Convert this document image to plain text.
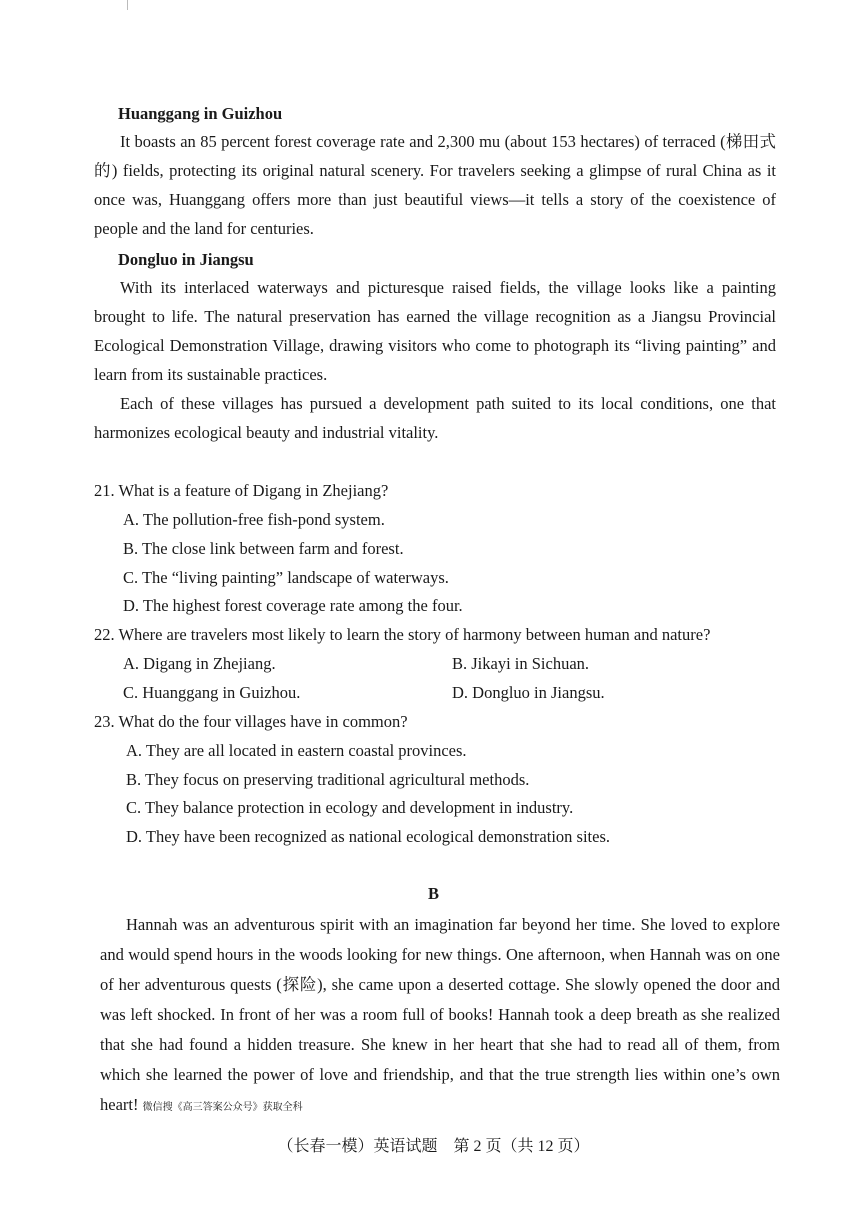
Huanggang in Guizhou
It boasts an 85 percent forest coverage rate and 2,300 mu (about 153 hectares) of terraced (梯田式的) fields, protecting its original natural scenery. For travelers seeking a glimpse of rural China as it once was, Huanggang offers more than just beautiful views—it tells a story of the coexistence of people and the land for centuries.
Dongluo in Jiangsu
With its interlaced waterways and picturesque raised fields, the village looks like a painting brought to life. The natural preservation has earned the village recognition as a Jiangsu Provincial Ecological Demonstration Village, drawing visitors who come to photograph its “living painting” and learn from its sustainable practices.
Each of these villages has pursued a development path suited to its local conditions, one that harmonizes ecological beauty and industrial vitality.
21. What is a feature of Digang in Zhejiang?
A. The pollution-free fish-pond system.
B. The close link between farm and forest.
C. The “living painting” landscape of waterways.
D. The highest forest coverage rate among the four.
22. Where are travelers most likely to learn the story of harmony between human and nature?
A. Digang in Zhejiang.	B. Jikayi in Sichuan.
C. Huanggang in Guizhou.	D. Dongluo in Jiangsu.
23. What do the four villages have in common?
A. They are all located in eastern coastal provinces.
B. They focus on preserving traditional agricultural methods.
C. They balance protection in ecology and development in industry.
D. They have been recognized as national ecological demonstration sites.
B
Hannah was an adventurous spirit with an imagination far beyond her time. She loved to explore and would spend hours in the woods looking for new things. One afternoon, when Hannah was on one of her adventurous quests (探险), she came upon a deserted cottage. She slowly opened the door and was left shocked. In front of her was a room full of books! Hannah took a deep breath as she realized that she had found a hidden treasure. She knew in her heart that she had to read all of them, from which she learned the power of love and friendship, and that the true strength lies within one’s own heart! 微信搜《高三答案公众号》获取全科
（长春一模）英语试题　第 2 页（共 12 页）
